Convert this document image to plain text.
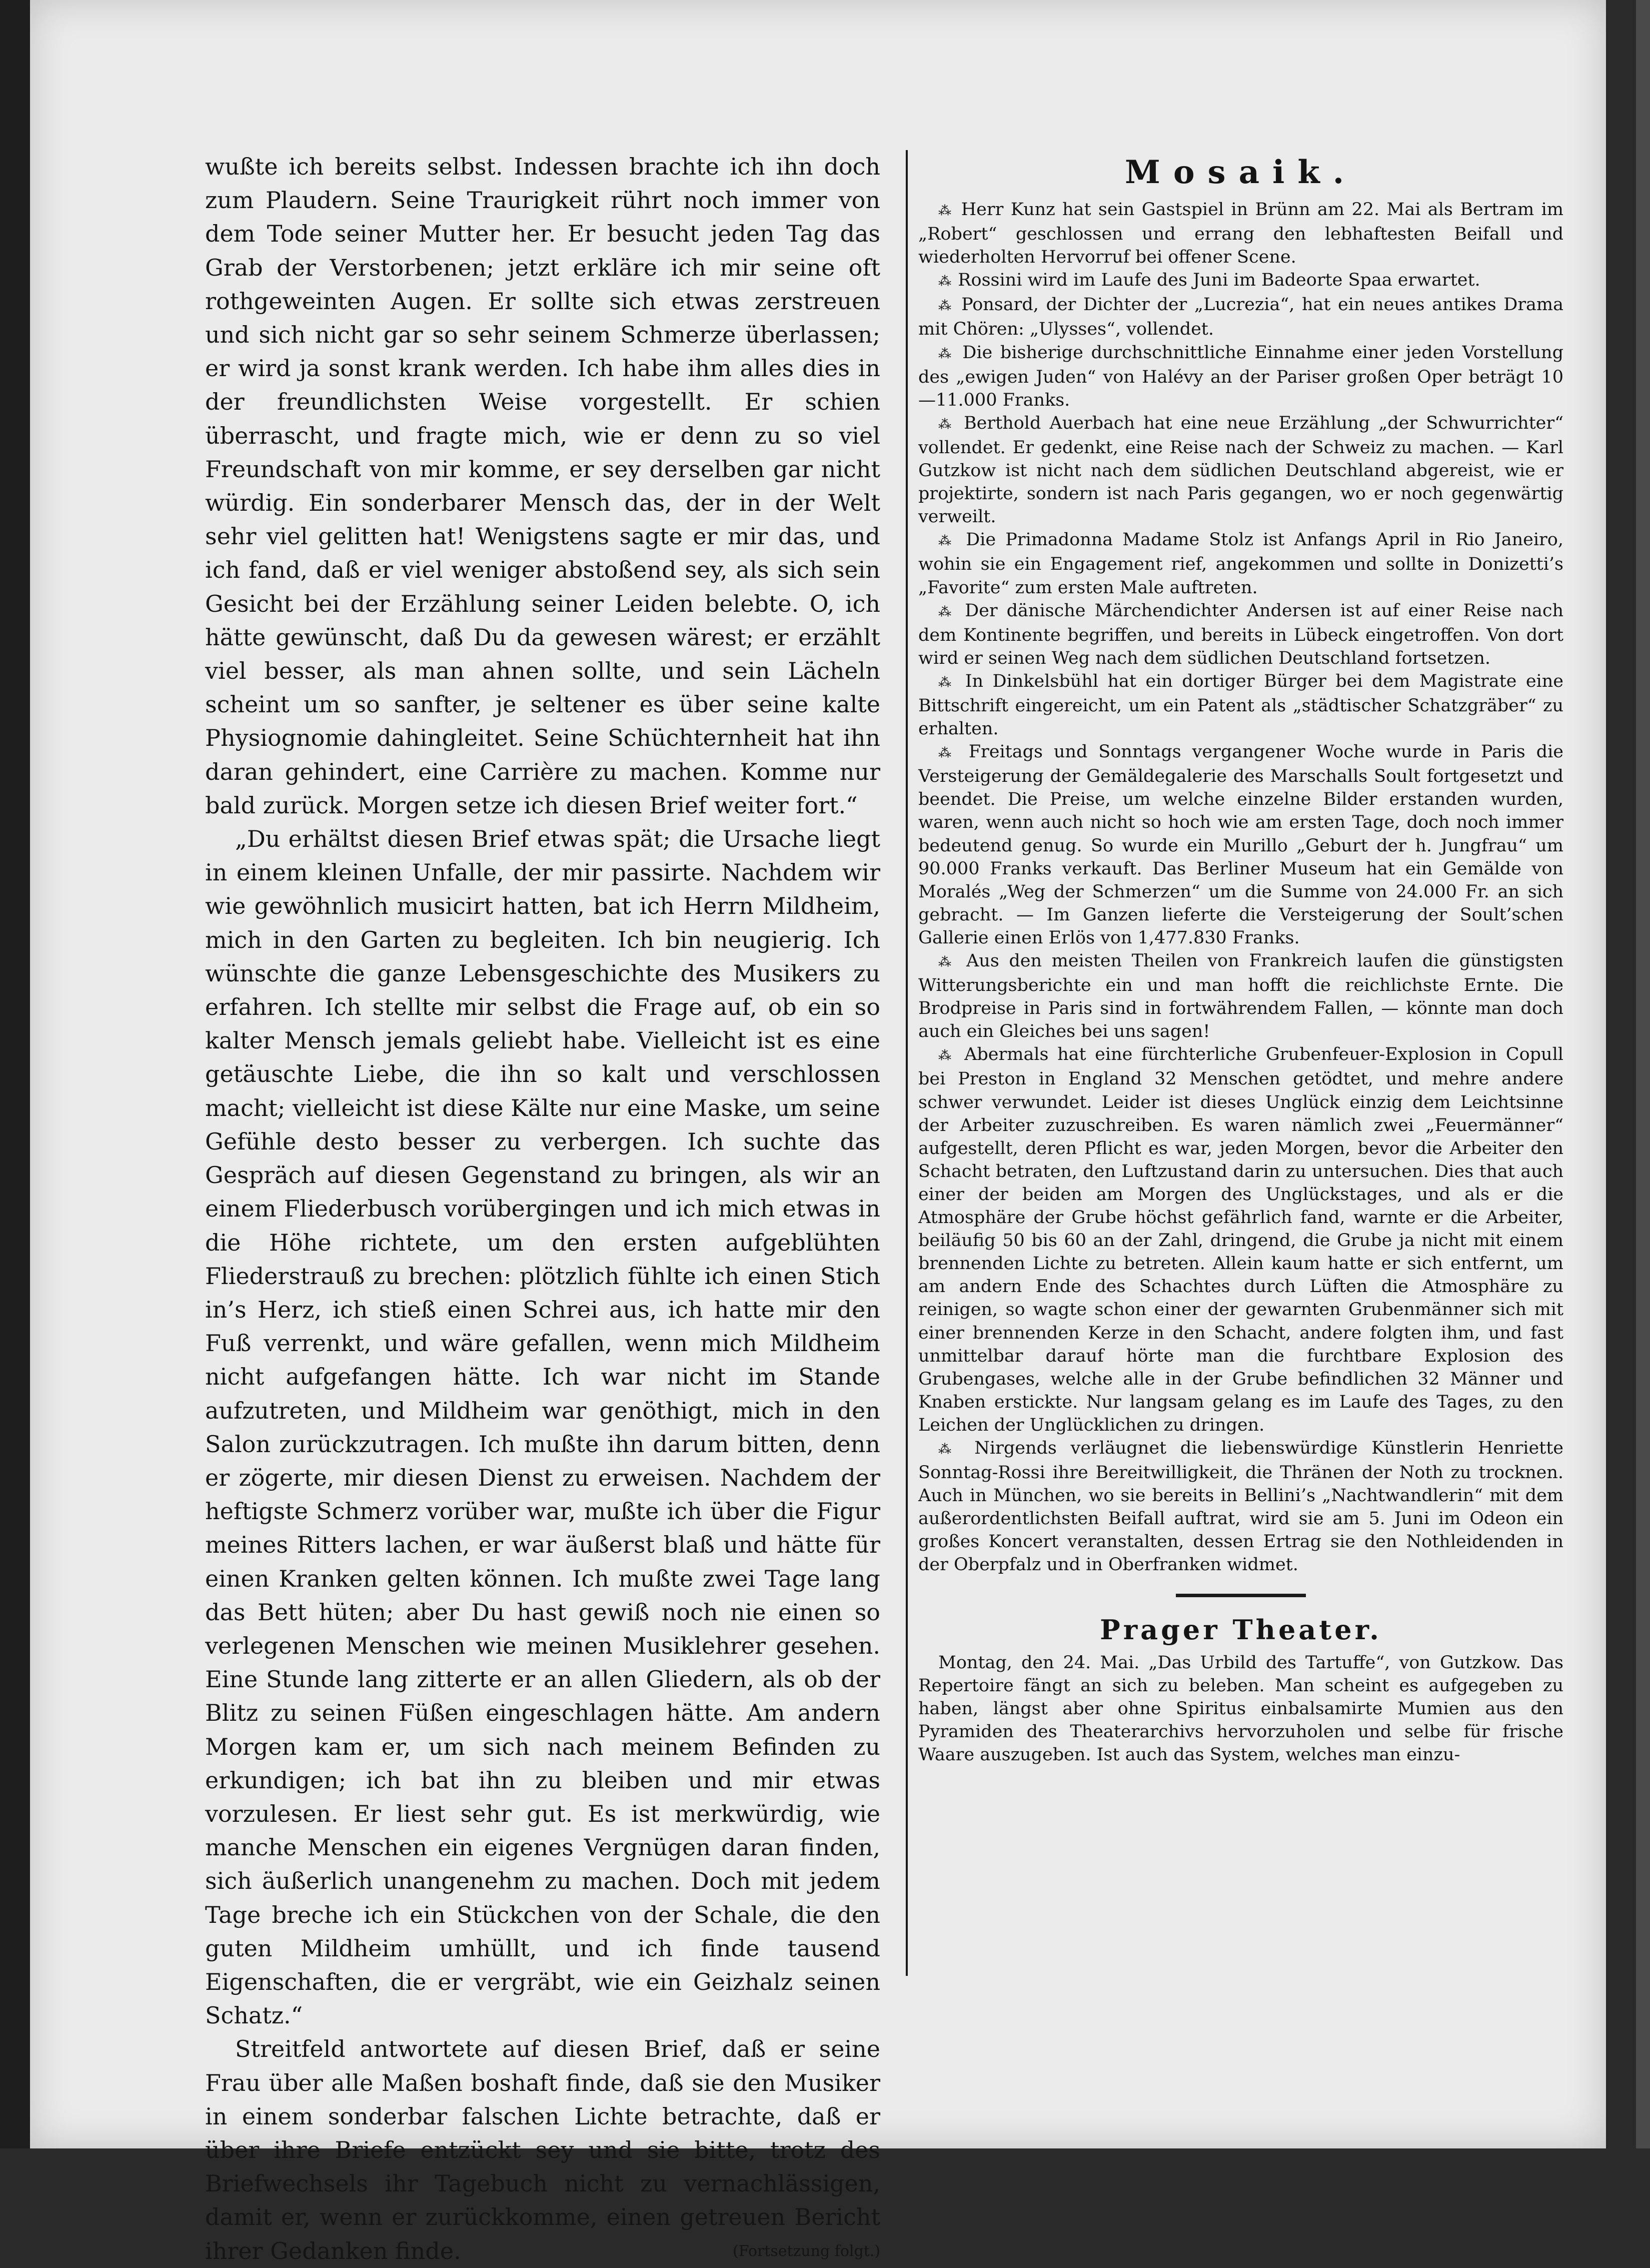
wußte ich bereits selbst. Indessen brachte ich ihn doch zum Plaudern. Seine Traurigkeit rührt noch immer von dem Tode seiner Mutter her. Er besucht jeden Tag das Grab der Verstorbenen; jetzt erkläre ich mir seine oft rothgeweinten Augen. Er sollte sich etwas zerstreuen und sich nicht gar so sehr seinem Schmerze überlassen; er wird ja sonst krank werden. Ich habe ihm alles dies in der freundlichsten Weise vorgestellt. Er schien überrascht, und fragte mich, wie er denn zu so viel Freundschaft von mir komme, er sey derselben gar nicht würdig. Ein sonderbarer Mensch das, der in der Welt sehr viel gelitten hat! Wenigstens sagte er mir das, und ich fand, daß er viel weniger abstoßend sey, als sich sein Gesicht bei der Erzählung seiner Leiden belebte. O, ich hätte gewünscht, daß Du da gewesen wärest; er erzählt viel besser, als man ahnen sollte, und sein Lächeln scheint um so sanfter, je seltener es über seine kalte Physiognomie dahingleitet. Seine Schüchternheit hat ihn daran gehindert, eine Carrière zu machen. Komme nur bald zurück. Morgen setze ich diesen Brief weiter fort.“

„Du erhältst diesen Brief etwas spät; die Ursache liegt in einem kleinen Unfalle, der mir passirte. Nachdem wir wie gewöhnlich musicirt hatten, bat ich Herrn Mildheim, mich in den Garten zu begleiten. Ich bin neugierig. Ich wünschte die ganze Lebensgeschichte des Musikers zu erfahren. Ich stellte mir selbst die Frage auf, ob ein so kalter Mensch jemals geliebt habe. Vielleicht ist es eine getäuschte Liebe, die ihn so kalt und verschlossen macht; vielleicht ist diese Kälte nur eine Maske, um seine Gefühle desto besser zu verbergen. Ich suchte das Gespräch auf diesen Gegenstand zu bringen, als wir an einem Fliederbusch vorübergingen und ich mich etwas in die Höhe richtete, um den ersten aufgeblühten Fliederstrauß zu brechen: plötzlich fühlte ich einen Stich in’s Herz, ich stieß einen Schrei aus, ich hatte mir den Fuß verrenkt, und wäre gefallen, wenn mich Mildheim nicht aufgefangen hätte. Ich war nicht im Stande aufzutreten, und Mildheim war genöthigt, mich in den Salon zurückzutragen. Ich mußte ihn darum bitten, denn er zögerte, mir diesen Dienst zu erweisen. Nachdem der heftigste Schmerz vorüber war, mußte ich über die Figur meines Ritters lachen, er war äußerst blaß und hätte für einen Kranken gelten können. Ich mußte zwei Tage lang das Bett hüten; aber Du hast gewiß noch nie einen so verlegenen Menschen wie meinen Musiklehrer gesehen. Eine Stunde lang zitterte er an allen Gliedern, als ob der Blitz zu seinen Füßen eingeschlagen hätte. Am andern Morgen kam er, um sich nach meinem Befinden zu erkundigen; ich bat ihn zu bleiben und mir etwas vorzulesen. Er liest sehr gut. Es ist merkwürdig, wie manche Menschen ein eigenes Vergnügen daran finden, sich äußerlich unangenehm zu machen. Doch mit jedem Tage breche ich ein Stückchen von der Schale, die den guten Mildheim umhüllt, und ich finde tausend Eigenschaften, die er vergräbt, wie ein Geizhalz seinen Schatz.“

Streitfeld antwortete auf diesen Brief, daß er seine Frau über alle Maßen boshaft finde, daß sie den Musiker in einem sonderbar falschen Lichte betrachte, daß er über ihre Briefe entzückt sey und sie bitte, trotz des Briefwechsels ihr Tagebuch nicht zu vernachlässigen, damit er, wenn er zurückkomme, einen getreuen Bericht ihrer Gedanken finde.	(Fortsetzung folgt.)

Mosaik.

⁂ Herr Kunz hat sein Gastspiel in Brünn am 22. Mai als Bertram im „Robert“ geschlossen und errang den lebhaftesten Beifall und wiederholten Hervorruf bei offener Scene.

⁂ Rossini wird im Laufe des Juni im Badeorte Spaa erwartet.

⁂ Ponsard, der Dichter der „Lucrezia“, hat ein neues antikes Drama mit Chören: „Ulysses“, vollendet.

⁂ Die bisherige durchschnittliche Einnahme einer jeden Vorstellung des „ewigen Juden“ von Halévy an der Pariser großen Oper beträgt 10—11.000 Franks.

⁂ Berthold Auerbach hat eine neue Erzählung „der Schwurrichter“ vollendet. Er gedenkt, eine Reise nach der Schweiz zu machen. — Karl Gutzkow ist nicht nach dem südlichen Deutschland abgereist, wie er projektirte, sondern ist nach Paris gegangen, wo er noch gegenwärtig verweilt.

⁂ Die Primadonna Madame Stolz ist Anfangs April in Rio Janeiro, wohin sie ein Engagement rief, angekommen und sollte in Donizetti’s „Favorite“ zum ersten Male auftreten.

⁂ Der dänische Märchendichter Andersen ist auf einer Reise nach dem Kontinente begriffen, und bereits in Lübeck eingetroffen. Von dort wird er seinen Weg nach dem südlichen Deutschland fortsetzen.

⁂ In Dinkelsbühl hat ein dortiger Bürger bei dem Magistrate eine Bittschrift eingereicht, um ein Patent als „städtischer Schatzgräber“ zu erhalten.

⁂ Freitags und Sonntags vergangener Woche wurde in Paris die Versteigerung der Gemäldegalerie des Marschalls Soult fortgesetzt und beendet. Die Preise, um welche einzelne Bilder erstanden wurden, waren, wenn auch nicht so hoch wie am ersten Tage, doch noch immer bedeutend genug. So wurde ein Murillo „Geburt der h. Jungfrau“ um 90.000 Franks verkauft. Das Berliner Museum hat ein Gemälde von Moralés „Weg der Schmerzen“ um die Summe von 24.000 Fr. an sich gebracht. — Im Ganzen lieferte die Versteigerung der Soult’schen Gallerie einen Erlös von 1,477.830 Franks.

⁂ Aus den meisten Theilen von Frankreich laufen die günstigsten Witterungsberichte ein und man hofft die reichlichste Ernte. Die Brodpreise in Paris sind in fortwährendem Fallen, — könnte man doch auch ein Gleiches bei uns sagen!

⁂ Abermals hat eine fürchterliche Grubenfeuer-Explosion in Copull bei Preston in England 32 Menschen getödtet, und mehre andere schwer verwundet. Leider ist dieses Unglück einzig dem Leichtsinne der Arbeiter zuzuschreiben. Es waren nämlich zwei „Feuermänner“ aufgestellt, deren Pflicht es war, jeden Morgen, bevor die Arbeiter den Schacht betraten, den Luftzustand darin zu untersuchen. Dies that auch einer der beiden am Morgen des Unglückstages, und als er die Atmosphäre der Grube höchst gefährlich fand, warnte er die Arbeiter, beiläufig 50 bis 60 an der Zahl, dringend, die Grube ja nicht mit einem brennenden Lichte zu betreten. Allein kaum hatte er sich entfernt, um am andern Ende des Schachtes durch Lüften die Atmosphäre zu reinigen, so wagte schon einer der gewarnten Grubenmänner sich mit einer brennenden Kerze in den Schacht, andere folgten ihm, und fast unmittelbar darauf hörte man die furchtbare Explosion des Grubengases, welche alle in der Grube befindlichen 32 Männer und Knaben erstickte. Nur langsam gelang es im Laufe des Tages, zu den Leichen der Unglücklichen zu dringen.

⁂ Nirgends verläugnet die liebenswürdige Künstlerin Henriette Sonntag-Rossi ihre Bereitwilligkeit, die Thränen der Noth zu trocknen. Auch in München, wo sie bereits in Bellini’s „Nachtwandlerin“ mit dem außerordentlichsten Beifall auftrat, wird sie am 5. Juni im Odeon ein großes Koncert veranstalten, dessen Ertrag sie den Nothleidenden in der Oberpfalz und in Oberfranken widmet.

Prager Theater.

Montag, den 24. Mai. „Das Urbild des Tartuffe“, von Gutzkow. Das Repertoire fängt an sich zu beleben. Man scheint es aufgegeben zu haben, längst aber ohne Spiritus einbalsamirte Mumien aus den Pyramiden des Theaterarchivs hervorzuholen und selbe für frische Waare auszugeben. Ist auch das System, welches man einzu-
